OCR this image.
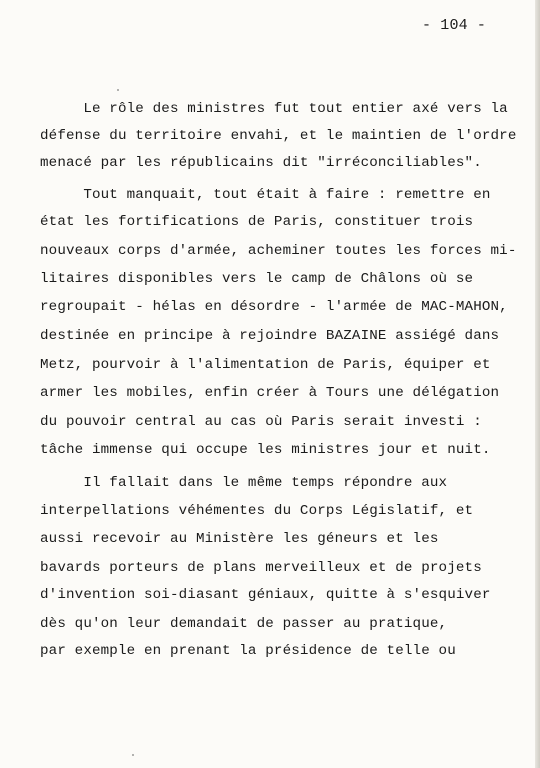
- 104 -
Le rôle des ministres fut tout entier axé vers la
défense du territoire envahi, et le maintien de l'ordre
menacé par les républicains dit "irréconciliables".
Tout manquait, tout était à faire : remettre en
état les fortifications de Paris, constituer trois
nouveaux corps d'armée, acheminer toutes les forces mi-
litaires disponibles vers le camp de Châlons où se
regroupait - hélas en désordre - l'armée de MAC-MAHON,
destinée en principe à rejoindre BAZAINE assiégé dans
Metz, pourvoir à l'alimentation de Paris, équiper et
armer les mobiles, enfin créer à Tours une délégation
du pouvoir central au cas où Paris serait investi :
tâche immense qui occupe les ministres jour et nuit.
Il fallait dans le même temps répondre aux
interpellations véhémentes du Corps Législatif, et
aussi recevoir au Ministère les géneurs et les
bavards porteurs de plans merveilleux et de projets
d'invention soi-diasant géniaux, quitte à s'esquiver
dès qu'on leur demandait de passer au pratique,
par exemple en prenant la présidence de telle ou
